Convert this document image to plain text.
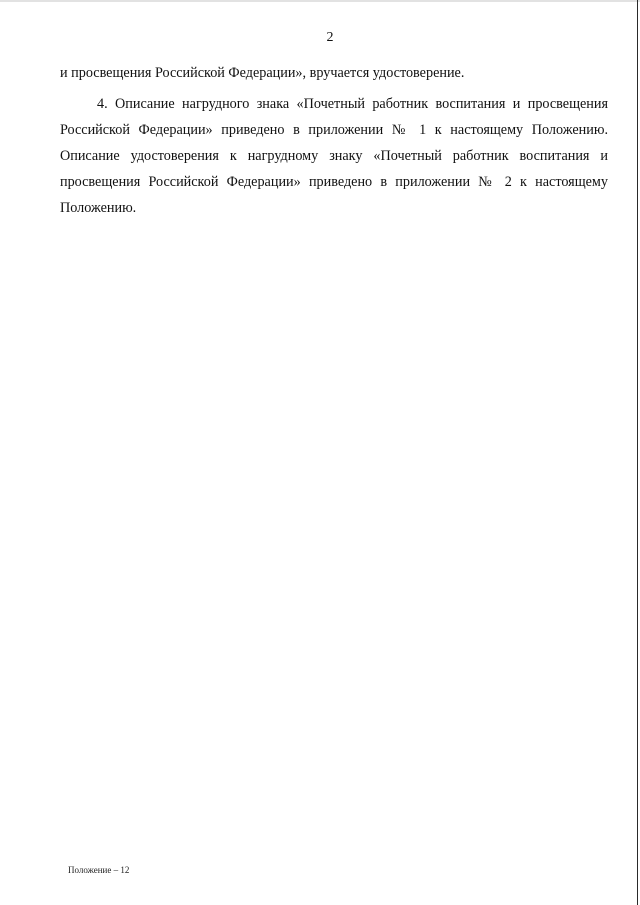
2

и просвещения Российской Федерации», вручается удостоверение.

4. Описание нагрудного знака «Почетный работник воспитания и просвещения Российской Федерации» приведено в приложении № 1 к настоящему Положению. Описание удостоверения к нагрудному знаку «Почетный работник воспитания и просвещения Российской Федерации» приведено в приложении № 2 к настоящему Положению.

Положение – 12
